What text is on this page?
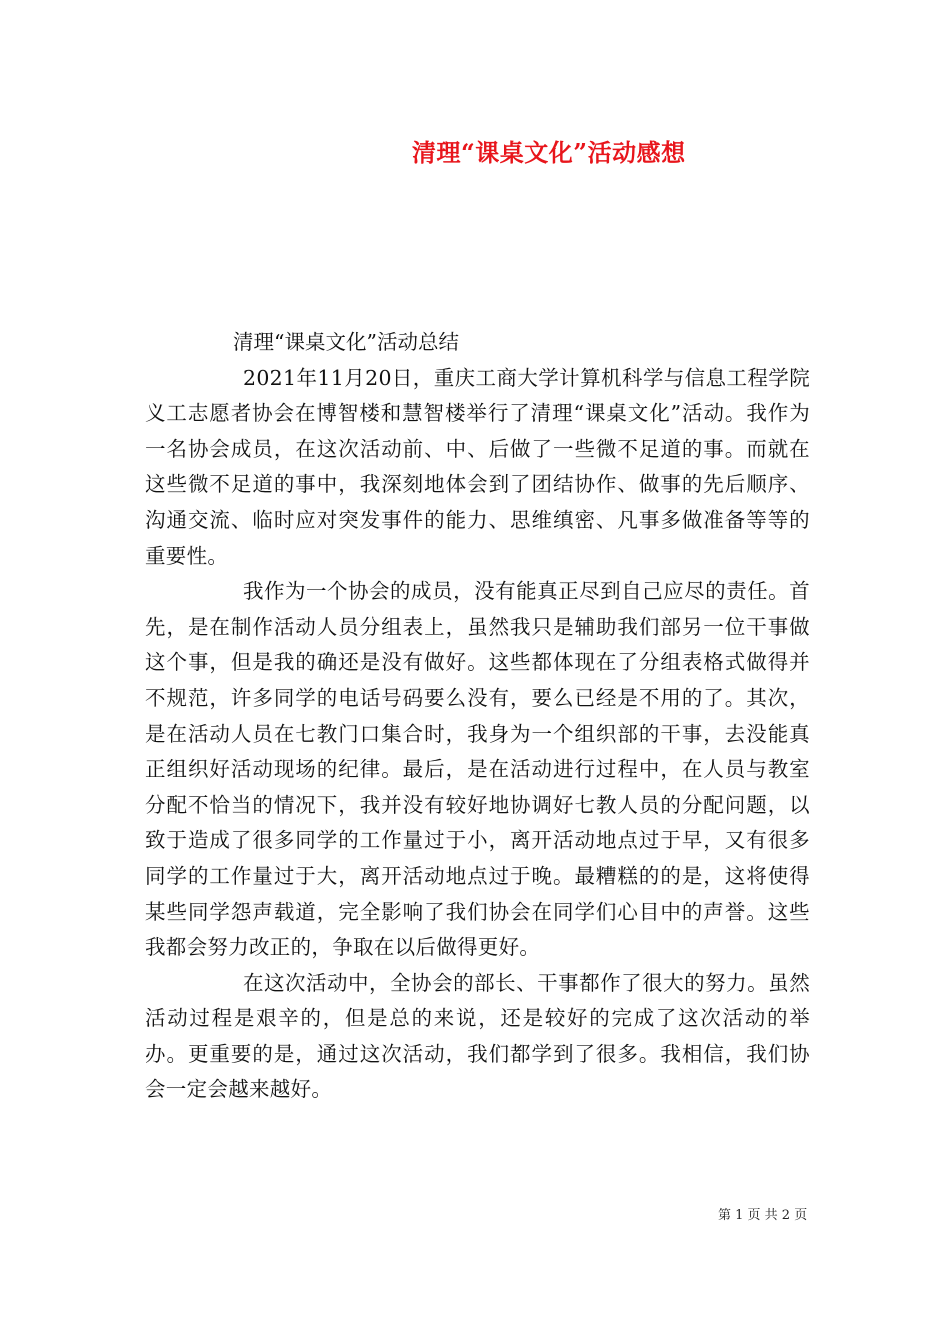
清理“课桌文化”活动感想
清理“课桌文化”活动总结

2021年11月20日，重庆工商大学计算机科学与信息工程学院义工志愿者协会在博智楼和慧智楼举行了清理“课桌文化”活动。我作为一名协会成员，在这次活动前、中、后做了一些微不足道的事。而就在这些微不足道的事中，我深刻地体会到了团结协作、做事的先后顺序、沟通交流、临时应对突发事件的能力、思维缜密、凡事多做准备等等的重要性。

我作为一个协会的成员，没有能真正尽到自己应尽的责任。首先，是在制作活动人员分组表上，虽然我只是辅助我们部另一位干事做这个事，但是我的确还是没有做好。这些都体现在了分组表格式做得并不规范，许多同学的电话号码要么没有，要么已经是不用的了。其次，是在活动人员在七教门口集合时，我身为一个组织部的干事，去没能真正组织好活动现场的纪律。最后，是在活动进行过程中，在人员与教室分配不恰当的情况下，我并没有较好地协调好七教人员的分配问题，以致于造成了很多同学的工作量过于小，离开活动地点过于早，又有很多同学的工作量过于大，离开活动地点过于晚。最糟糕的的是，这将使得某些同学怨声载道，完全影响了我们协会在同学们心目中的声誉。这些我都会努力改正的，争取在以后做得更好。

在这次活动中，全协会的部长、干事都作了很大的努力。虽然活动过程是艰辛的，但是总的来说，还是较好的完成了这次活动的举办。更重要的是，通过这次活动，我们都学到了很多。我相信，我们协会一定会越来越好。

第 1 页 共 2 页
